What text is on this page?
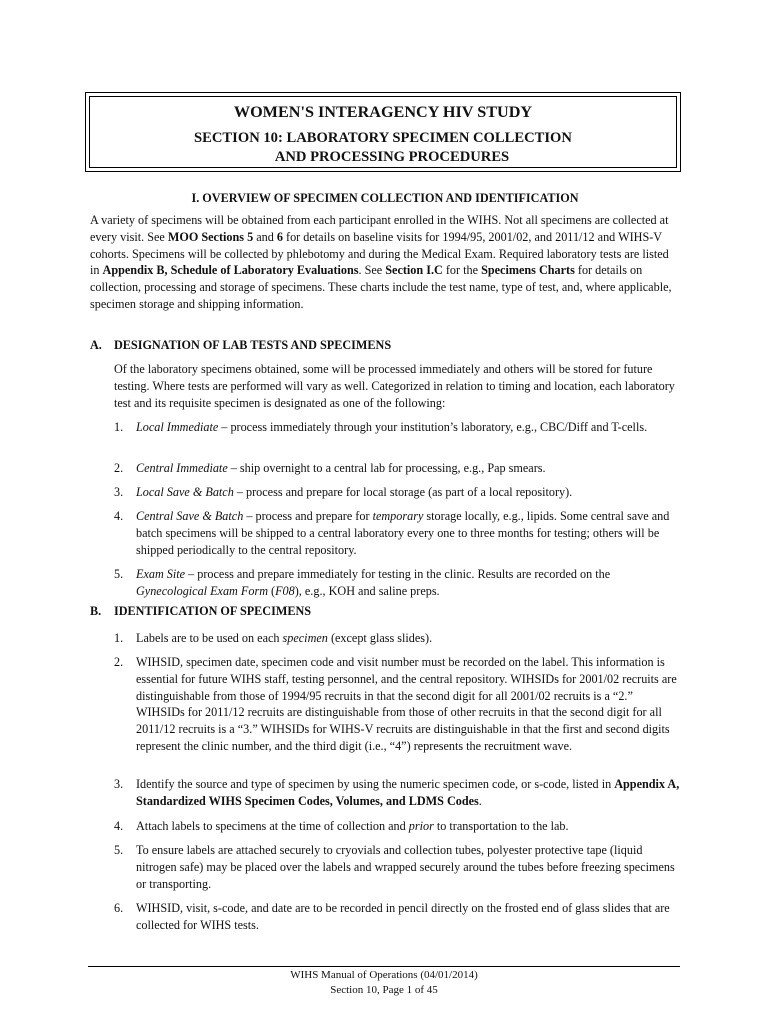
WOMEN'S INTERAGENCY HIV STUDY
SECTION 10: LABORATORY SPECIMEN COLLECTION
AND PROCESSING PROCEDURES
I. OVERVIEW OF SPECIMEN COLLECTION AND IDENTIFICATION

A variety of specimens will be obtained from each participant enrolled in the WIHS. Not all specimens are collected at every visit. See MOO Sections 5 and 6 for details on baseline visits for 1994/95, 2001/02, and 2011/12 and WIHS-V cohorts. Specimens will be collected by phlebotomy and during the Medical Exam. Required laboratory tests are listed in Appendix B, Schedule of Laboratory Evaluations. See Section I.C for the Specimens Charts for details on collection, processing and storage of specimens. These charts include the test name, type of test, and, where applicable, specimen storage and shipping information.

A. DESIGNATION OF LAB TESTS AND SPECIMENS

Of the laboratory specimens obtained, some will be processed immediately and others will be stored for future testing. Where tests are performed will vary as well. Categorized in relation to timing and location, each laboratory test and its requisite specimen is designated as one of the following:

1. Local Immediate – process immediately through your institution’s laboratory, e.g., CBC/Diff and T-cells.

2. Central Immediate – ship overnight to a central lab for processing, e.g., Pap smears.

3. Local Save & Batch – process and prepare for local storage (as part of a local repository).

4. Central Save & Batch – process and prepare for temporary storage locally, e.g., lipids. Some central save and batch specimens will be shipped to a central laboratory every one to three months for testing; others will be shipped periodically to the central repository.

5. Exam Site – process and prepare immediately for testing in the clinic. Results are recorded on the Gynecological Exam Form (F08), e.g., KOH and saline preps.

B. IDENTIFICATION OF SPECIMENS
1. Labels are to be used on each specimen (except glass slides).

2. WIHSID, specimen date, specimen code and visit number must be recorded on the label. This information is essential for future WIHS staff, testing personnel, and the central repository. WIHSIDs for 2001/02 recruits are distinguishable from those of 1994/95 recruits in that the second digit for all 2001/02 recruits is a “2.” WIHSIDs for 2011/12 recruits are distinguishable from those of other recruits in that the second digit for all 2011/12 recruits is a “3.” WIHSIDs for WIHS-V recruits are distinguishable in that the first and second digits represent the clinic number, and the third digit (i.e., “4”) represents the recruitment wave.

3. Identify the source and type of specimen by using the numeric specimen code, or s-code, listed in Appendix A, Standardized WIHS Specimen Codes, Volumes, and LDMS Codes.

4. Attach labels to specimens at the time of collection and prior to transportation to the lab.

5. To ensure labels are attached securely to cryovials and collection tubes, polyester protective tape (liquid nitrogen safe) may be placed over the labels and wrapped securely around the tubes before freezing specimens or transporting.

6. WIHSID, visit, s-code, and date are to be recorded in pencil directly on the frosted end of glass slides that are collected for WIHS tests.

WIHS Manual of Operations (04/01/2014)
Section 10, Page 1 of 45
